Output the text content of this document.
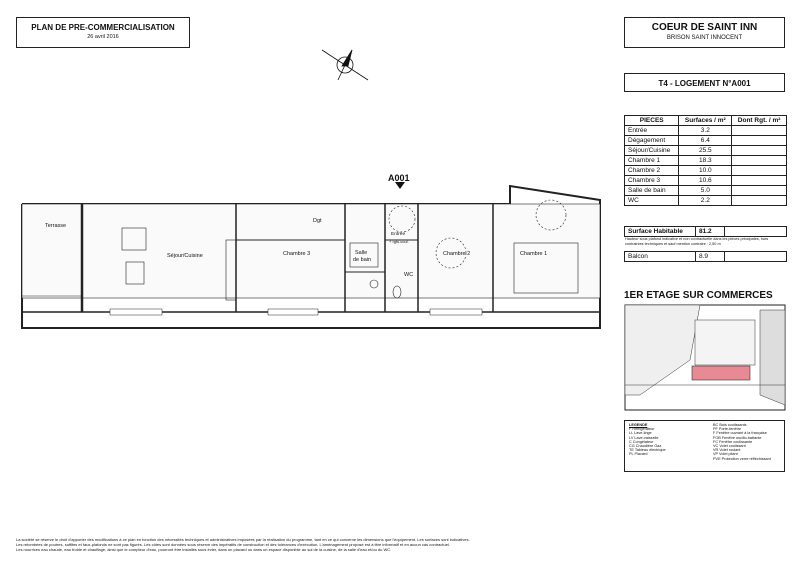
PLAN DE PRE-COMMERCIALISATION
26 avril 2016
COEUR DE SAINT INN
BRISON SAINT INNOCENT
T4 - LOGEMENT N°A001
PIECES	Surfaces / m²	Dont Rgt. / m²
Entrée	3.2	
Dégagement	6.4	
Séjour/Cuisine	25.5	
Chambre 1	18.3	
Chambre 2	10.0	
Chambre 3	10.6	
Salle de bain	5.0	
WC	2.2	
Surface Habitable	81.2	
Hauteur sous plafond indicative et non contractuelle dans les pièces principales, hors contraintes techniques et sauf mention contraire : 2,50 m
Balcon	8.9	
1ER ETAGE SUR COMMERCES
LEGENDE
F Réfrigérateur
LL Lave-linge
LV Lave-vaisselle
C Congélateur
CG Chaudière Gaz
TE Tableau électrique
PL Placard
BC Bois coulissants
PF Porte-fenêtre
F Fenêtre ouvrant à la française
FOB Fenêtre oscillo-battante
FC Fenêtre coulissante
VC Volet coulissant
VR Volet roulant
VP Volet pliant
PVE Protection verre réfléchissant
La société se réserve le droit d'apporter des modifications à ce plan en fonction des nécessités techniques et administratives imposées par la réalisation du programme, tant en ce qui concerne les dimensions que l'équipement. Les surfaces sont indicatives.
Les retombées de poutres, soffites et faux-plafonds ne sont pas figurés. Les côtes sont données sous réserve des impératifs de construction et des tolérances d'exécution. L'aménagement proposé est à titre informatif et en aucun cas contractuel.
Les nourrices eau chaude, eau froide et chauffage, ainsi que le compteur d'eau, pourront être installés sous évier, dans un placard ou dans un espace disponible au sol de la cuisine, de la salle d'eau et/ou du WC.
A001
Terrasse
Séjour/Cuisine	Chambre 3
Dgt
Salle
de bain
Entrée
+ rgts.coul.
WC
Chambre 2	Chambre 1
